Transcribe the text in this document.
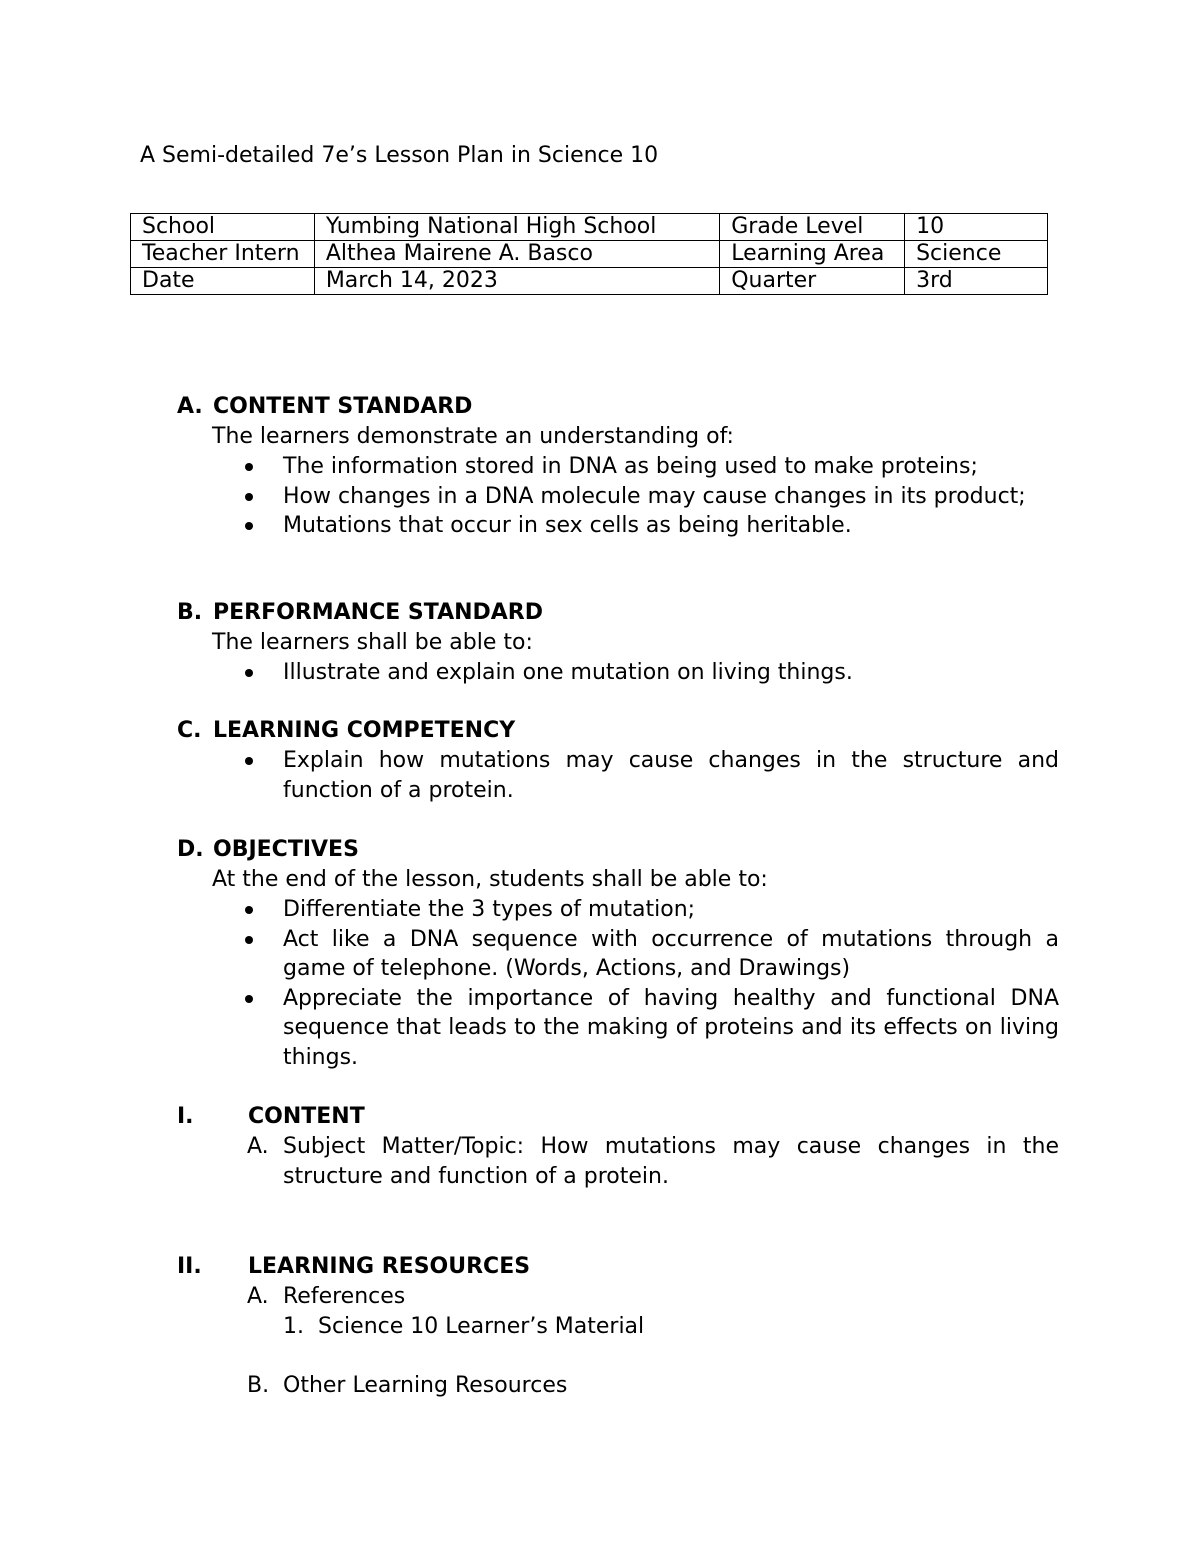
A Semi-detailed 7e’s Lesson Plan in Science 10
School	Yumbing National High School	Grade Level	10
Teacher Intern	Althea Mairene A. Basco	Learning Area	Science
Date	March 14, 2023	Quarter	3rd

A. CONTENT STANDARD

The learners demonstrate an understanding of:
The information stored in DNA as being used to make proteins;
How changes in a DNA molecule may cause changes in its product;
Mutations that occur in sex cells as being heritable.

B. PERFORMANCE STANDARD

The learners shall be able to:
Illustrate and explain one mutation on living things.

C. LEARNING COMPETENCY

Explain how mutations may cause changes in the structure and function of a protein.

D. OBJECTIVES

At the end of the lesson, students shall be able to:
Differentiate the 3 types of mutation;
Act like a DNA sequence with occurrence of mutations through a game of telephone. (Words, Actions, and Drawings)
Appreciate the importance of having healthy and functional DNA sequence that leads to the making of proteins and its effects on living things.
I. CONTENT
A. Subject Matter/Topic: How mutations may cause changes in the structure and function of a protein.
II. LEARNING RESOURCES
A. References
1. Science 10 Learner’s Material
B. Other Learning Resources
